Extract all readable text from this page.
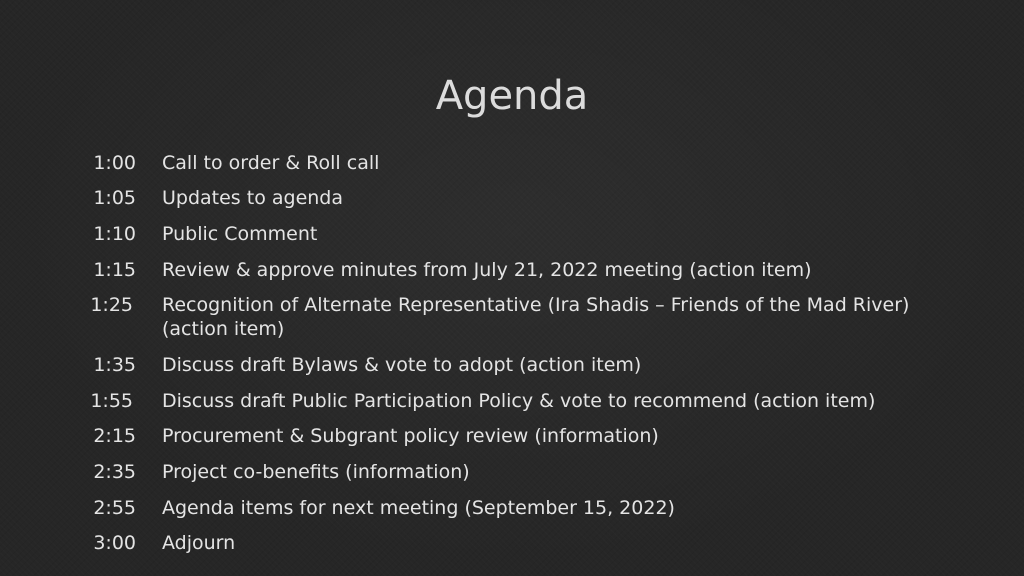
Agenda
1:00 Call to order & Roll call
1:05 Updates to agenda
1:10 Public Comment
1:15 Review & approve minutes from July 21, 2022 meeting (action item)
1:25 Recognition of Alternate Representative (Ira Shadis – Friends of the Mad River) (action item)
1:35 Discuss draft Bylaws & vote to adopt (action item)
1:55 Discuss draft Public Participation Policy & vote to recommend (action item)
2:15 Procurement & Subgrant policy review (information)
2:35 Project co-benefits (information)
2:55 Agenda items for next meeting (September 15, 2022)
3:00 Adjourn
